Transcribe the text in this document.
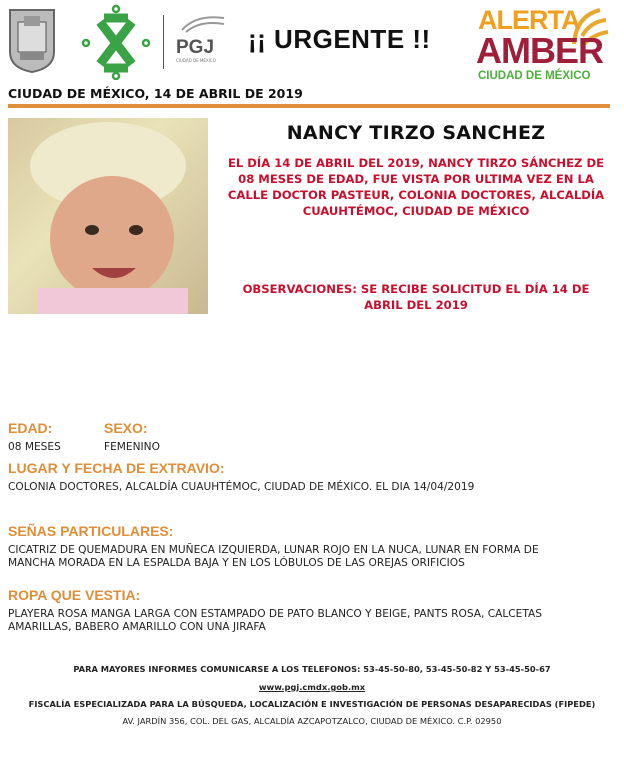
PGJ
CIUDAD DE MÉXICO
¡¡ URGENTE !!
ALERTA
AMBER
CIUDAD DE MÉXICO
CIUDAD DE MÉXICO, 14 DE ABRIL DE 2019
NANCY TIRZO SANCHEZ
EL DÍA 14 DE ABRIL DEL 2019, NANCY TIRZO SÁNCHEZ DE 08 MESES DE EDAD, FUE VISTA POR ULTIMA VEZ EN LA CALLE DOCTOR PASTEUR, COLONIA DOCTORES, ALCALDÍA CUAUHTÉMOC, CIUDAD DE MÉXICO
OBSERVACIONES: SE RECIBE SOLICITUD EL DÍA 14 DE ABRIL DEL 2019
EDAD:	SEXO:
08 MESES	FEMENINO
LUGAR Y FECHA DE EXTRAVIO:
COLONIA DOCTORES, ALCALDÍA CUAUHTÉMOC, CIUDAD DE MÉXICO. EL DIA 14/04/2019
SEÑAS PARTICULARES:
CICATRIZ DE QUEMADURA EN MUÑECA IZQUIERDA, LUNAR ROJO EN LA NUCA, LUNAR EN FORMA DE MANCHA MORADA EN LA ESPALDA BAJA Y EN LOS LÓBULOS DE LAS OREJAS ORIFICIOS
ROPA QUE VESTIA:
PLAYERA ROSA MANGA LARGA CON ESTAMPADO DE PATO BLANCO Y BEIGE, PANTS ROSA, CALCETAS AMARILLAS, BABERO AMARILLO CON UNA JIRAFA
PARA MAYORES INFORMES COMUNICARSE A LOS TELEFONOS: 53-45-50-80, 53-45-50-82 Y 53-45-50-67
www.pgj.cmdx.gob.mx
FISCALÍA ESPECIALIZADA PARA LA BÚSQUEDA, LOCALIZACIÓN E INVESTIGACIÓN DE PERSONAS DESAPARECIDAS (FIPEDE)
AV. JARDÍN 356, COL. DEL GAS, ALCALDÍA AZCAPOTZALCO, CIUDAD DE MÉXICO. C.P. 02950
